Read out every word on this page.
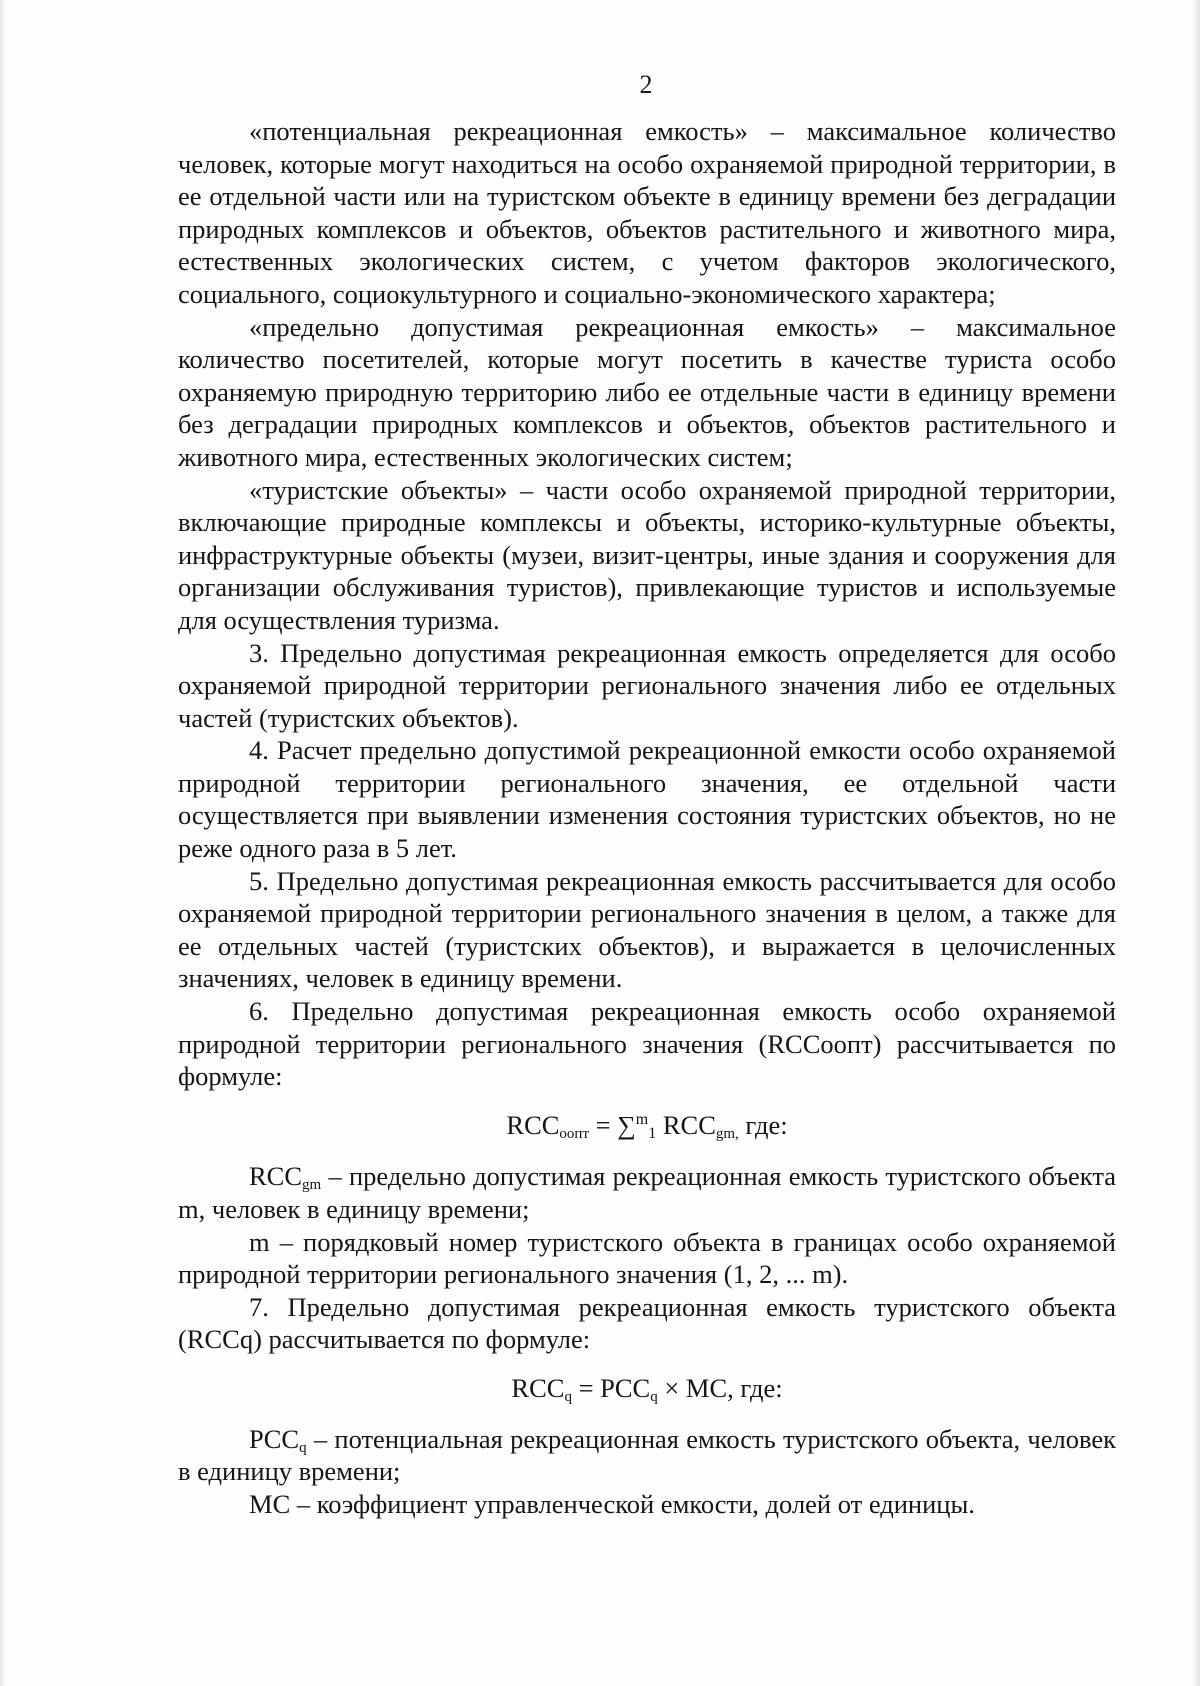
2

«потенциальная рекреационная емкость» – максимальное количество человек, которые могут находиться на особо охраняемой природной территории, в ее отдельной части или на туристском объекте в единицу времени без деградации природных комплексов и объектов, объектов растительного и животного мира, естественных экологических систем, с учетом факторов экологического, социального, социокультурного и социально-экономического характера;

«предельно допустимая рекреационная емкость» – максимальное количество посетителей, которые могут посетить в качестве туриста особо охраняемую природную территорию либо ее отдельные части в единицу времени без деградации природных комплексов и объектов, объектов растительного и животного мира, естественных экологических систем;

«туристские объекты» – части особо охраняемой природной территории, включающие природные комплексы и объекты, историко-культурные объекты, инфраструктурные объекты (музеи, визит-центры, иные здания и сооружения для организации обслуживания туристов), привлекающие туристов и используемые для осуществления туризма.

3. Предельно допустимая рекреационная емкость определяется для особо охраняемой природной территории регионального значения либо ее отдельных частей (туристских объектов).

4. Расчет предельно допустимой рекреационной емкости особо охраняемой природной территории регионального значения, ее отдельной части осуществляется при выявлении изменения состояния туристских объектов, но не реже одного раза в 5 лет.

5. Предельно допустимая рекреационная емкость рассчитывается для особо охраняемой природной территории регионального значения в целом, а также для ее отдельных частей (туристских объектов), и выражается в целочисленных значениях, человек в единицу времени.

6. Предельно допустимая рекреационная емкость особо охраняемой природной территории регионального значения (RCCоопт) рассчитывается по формуле:

$RCC_{оопт} = \sum^m_1$ $RCC_{gm,}$ где:

$RCC_{gm}$ – предельно допустимая рекреационная емкость туристского объекта m, человек в единицу времени;

m – порядковый номер туристского объекта в границах особо охраняемой природной территории регионального значения (1, 2, ... m).

7. Предельно допустимая рекреационная емкость туристского объекта (RCCq) рассчитывается по формуле:

$RCC_q = PCC_q$ × MC, где:

$PCC_q$ – потенциальная рекреационная емкость туристского объекта, человек в единицу времени;

MC – коэффициент управленческой емкости, долей от единицы.
